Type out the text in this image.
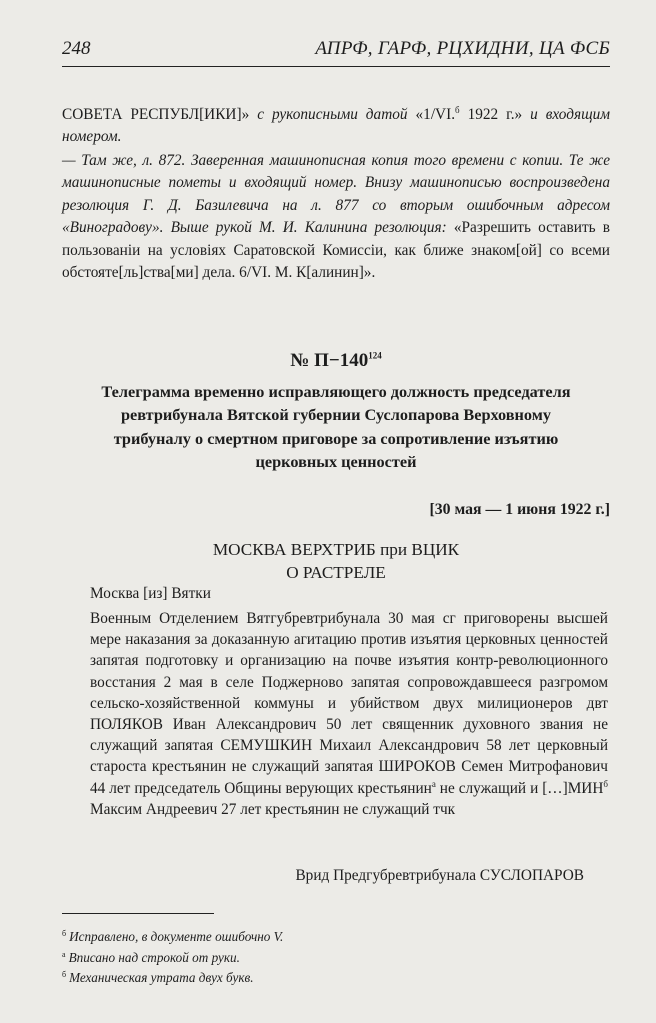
248	АПРФ, ГАРФ, РЦХИДНИ, ЦА ФСБ
СОВЕТА РЕСПУБЛ[ИКИ]» с рукописными датой «1/VI.$^б$ 1922 г.» и входящим номером.
— Там же, л. 872. Заверенная машинописная копия того времени с копии. Те же машинописные пометы и входящий номер. Внизу машинописью воспроизведена резолюция Г. Д. Базилевича на л. 877 со вторым ошибочным адресом «Виноградову». Выше рукой М. И. Калинина резолюция: «Разрешить оставить в пользованіи на условіях Саратовской Комиссіи, как ближе знаком[ой] со всеми обстояте[ль]ства[ми] дела. 6/VI. М. К[алинин]».
№ $П-140^{124}$
Телеграмма временно исправляющего должность председателя ревтрибунала Вятской губернии Суслопарова Верховному трибуналу о смертном приговоре за сопротивление изъятию церковных ценностей
[30 мая — 1 июня 1922 г.]
МОСКВА ВЕРХТРИБ при ВЦИК
О РАСТРЕЛЕ
Москва [из] Вятки
Военным Отделением Вятгубревтрибунала 30 мая сг приговорены высшей мере наказания за доказанную агитацию против изъятия церковных ценностей запятая подготовку и организацию на почве изъятия контр-революционного восстания 2 мая в селе Поджерново запятая сопровождавшееся разгромом сельско-хозяйственной коммуны и убийством двух милиционеров двт ПОЛЯКОВ Иван Александрович 50 лет священник духовного звания не служащий запятая СЕМУШКИН Михаил Александрович 58 лет церковный староста крестьянин не служащий запятая ШИРОКОВ Семен Митрофанович 44 лет председатель Общины верующих крестьянин$^а$ не служащий и $[\dots]МИН^б$ Максим Андреевич 27 лет крестьянин не служащий тчк
Врид Предгубревтрибунала СУСЛОПАРОВ
$^б$ Исправлено, в документе ошибочно V.
$^а$ Вписано над строкой от руки.
$^б$ Механическая утрата двух букв.
